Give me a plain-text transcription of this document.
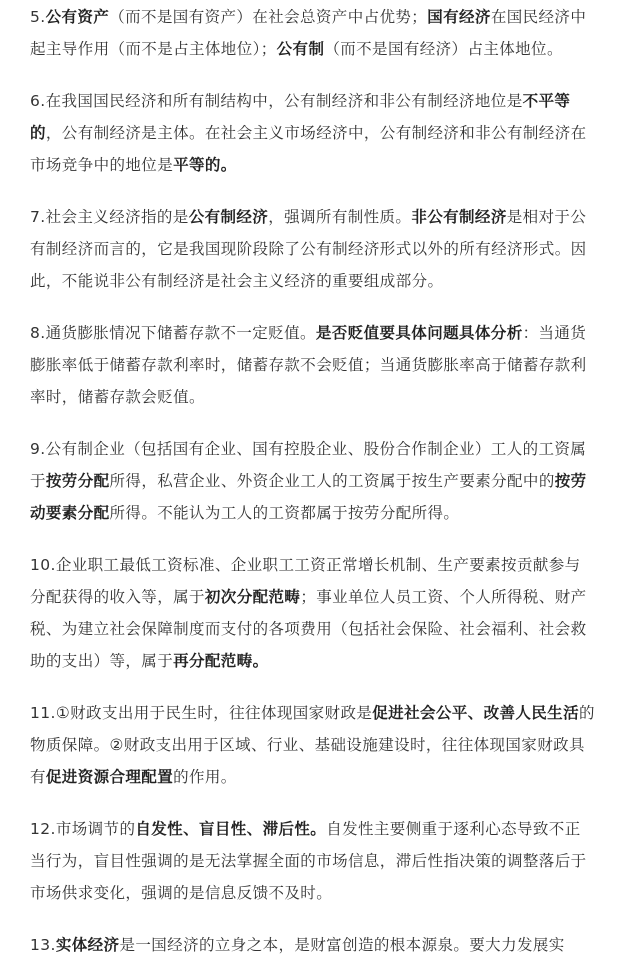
5.公有资产（而不是国有资产）在社会总资产中占优势；国有经济在国民经济中起主导作用（而不是占主体地位）；公有制（而不是国有经济）占主体地位。

6.在我国国民经济和所有制结构中，公有制经济和非公有制经济地位是不平等的，公有制经济是主体。在社会主义市场经济中，公有制经济和非公有制经济在市场竞争中的地位是平等的。

7.社会主义经济指的是公有制经济，强调所有制性质。非公有制经济是相对于公有制经济而言的，它是我国现阶段除了公有制经济形式以外的所有经济形式。因此，不能说非公有制经济是社会主义经济的重要组成部分。

8.通货膨胀情况下储蓄存款不一定贬值。是否贬值要具体问题具体分析：当通货膨胀率低于储蓄存款利率时，储蓄存款不会贬值；当通货膨胀率高于储蓄存款利率时，储蓄存款会贬值。

9.公有制企业（包括国有企业、国有控股企业、股份合作制企业）工人的工资属于按劳分配所得，私营企业、外资企业工人的工资属于按生产要素分配中的按劳动要素分配所得。不能认为工人的工资都属于按劳分配所得。

10.企业职工最低工资标准、企业职工工资正常增长机制、生产要素按贡献参与分配获得的收入等，属于初次分配范畴；事业单位人员工资、个人所得税、财产税、为建立社会保障制度而支付的各项费用（包括社会保险、社会福利、社会救助的支出）等，属于再分配范畴。

11.①财政支出用于民生时，往往体现国家财政是促进社会公平、改善人民生活的物质保障。②财政支出用于区域、行业、基础设施建设时，往往体现国家财政具有促进资源合理配置的作用。

12.市场调节的自发性、盲目性、滞后性。自发性主要侧重于逐利心态导致不正当行为，盲目性强调的是无法掌握全面的市场信息，滞后性指决策的调整落后于市场供求变化，强调的是信息反馈不及时。

13.实体经济是一国经济的立身之本，是财富创造的根本源泉。要大力发展实
